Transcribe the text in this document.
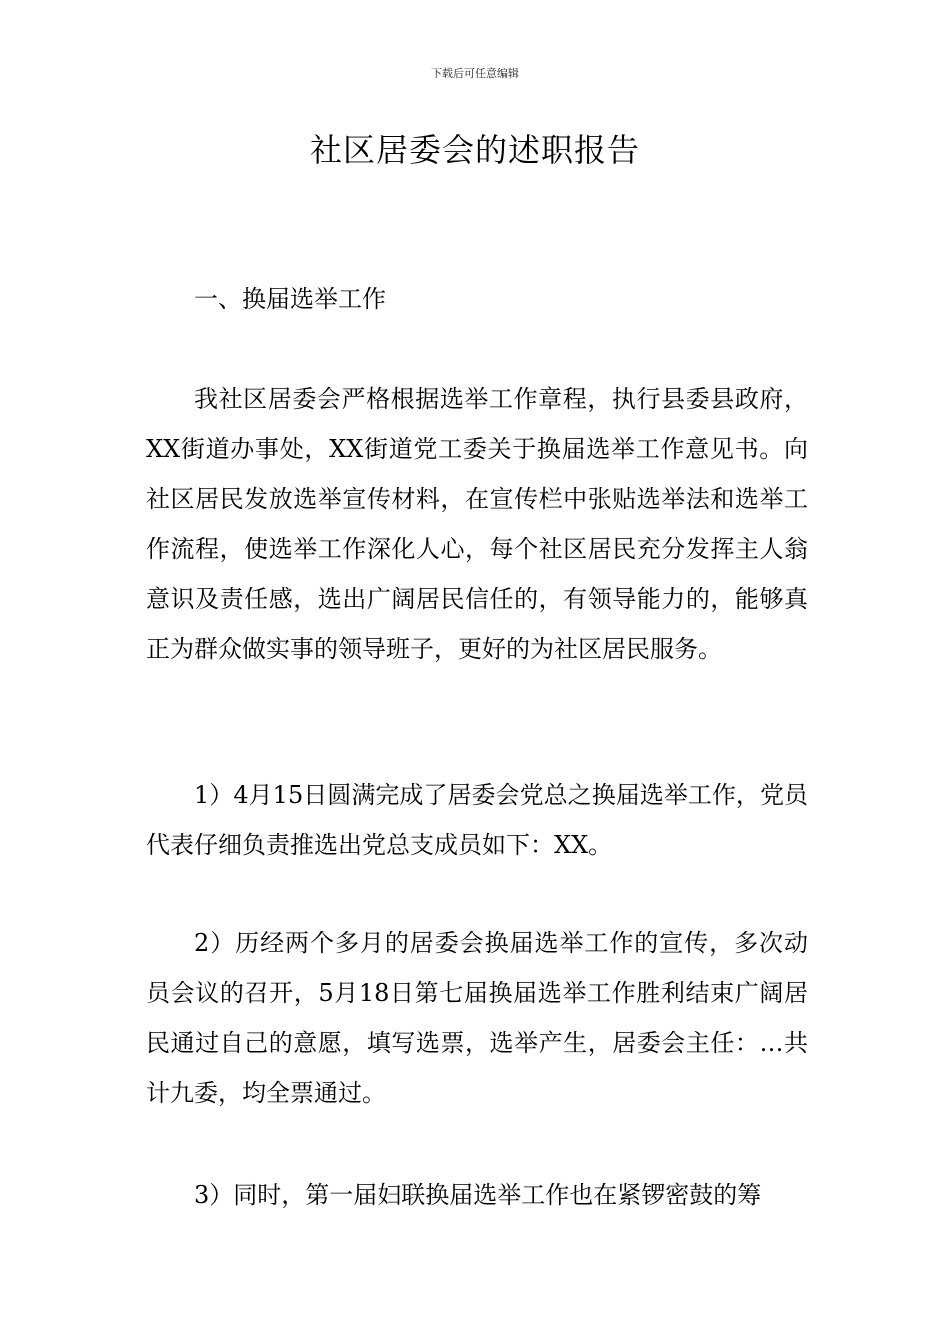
下载后可任意编辑
社区居委会的述职报告

一、换届选举工作

我社区居委会严格根据选举工作章程，执行县委县政府，XX街道办事处，XX街道党工委关于换届选举工作意见书。向社区居民发放选举宣传材料，在宣传栏中张贴选举法和选举工作流程，使选举工作深化人心，每个社区居民充分发挥主人翁意识及责任感，选出广阔居民信任的，有领导能力的，能够真正为群众做实事的领导班子，更好的为社区居民服务。

1）4月15日圆满完成了居委会党总之换届选举工作，党员代表仔细负责推选出党总支成员如下：XX。

2）历经两个多月的居委会换届选举工作的宣传，多次动员会议的召开，5月18日第七届换届选举工作胜利结束广阔居民通过自己的意愿，填写选票，选举产生，居委会主任：…共计九委，均全票通过。

3）同时，第一届妇联换届选举工作也在紧锣密鼓的筹
